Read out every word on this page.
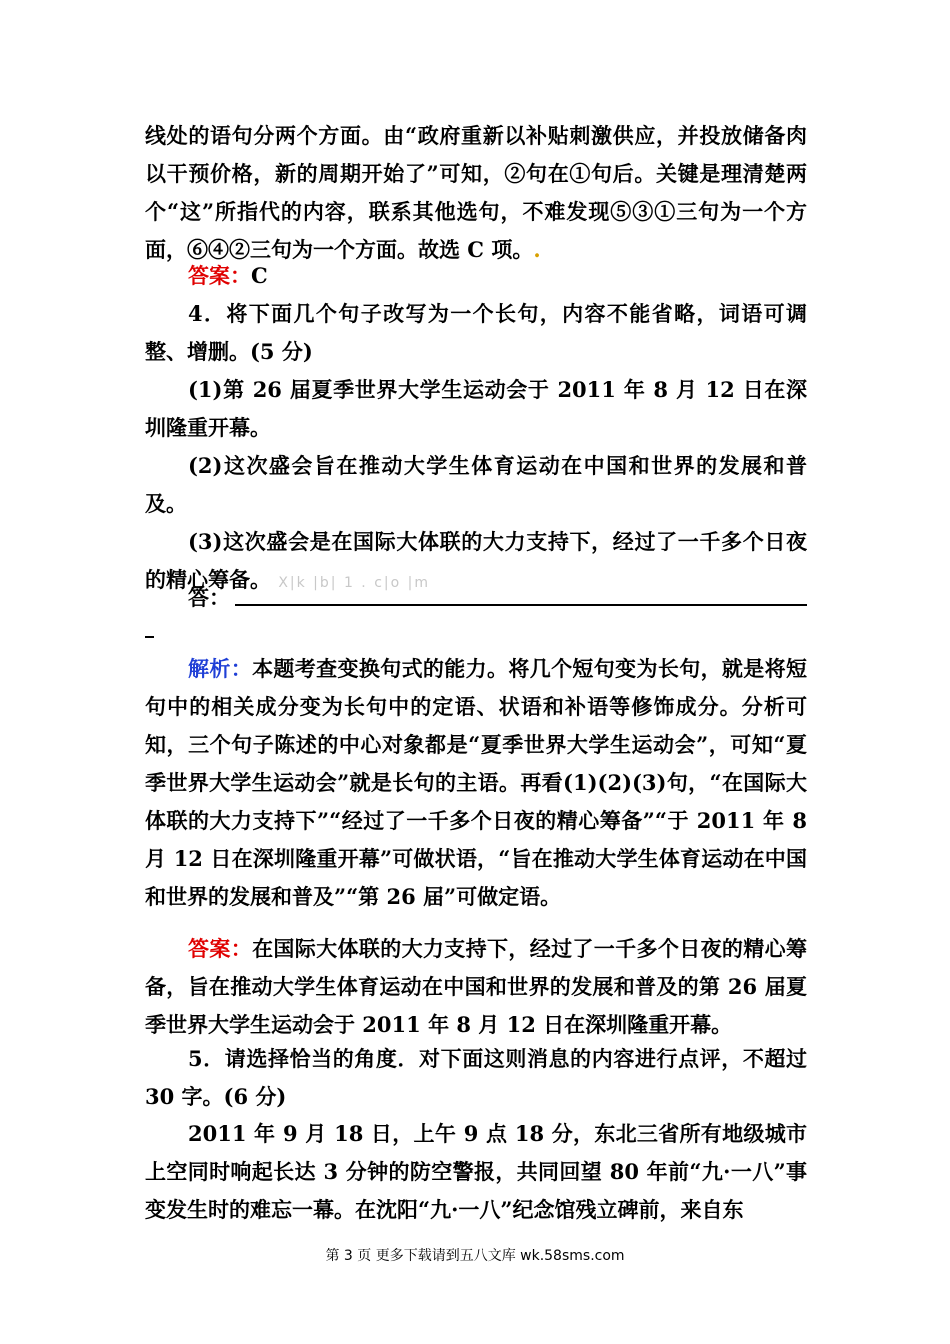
线处的语句分两个方面。由“政府重新以补贴刺激供应，并投放储备肉以干预价格，新的周期开始了”可知，②句在①句后。关键是理清楚两个“这”所指代的内容，联系其他选句，不难发现⑤③①三句为一个方面，⑥④②三句为一个方面。故选 C 项。.
答案：C
4．将下面几个句子改写为一个长句，内容不能省略，词语可调整、增删。(5 分)
(1)第 26 届夏季世界大学生运动会于 2011 年 8 月 12 日在深圳隆重开幕。
(2)这次盛会旨在推动大学生体育运动在中国和世界的发展和普及。
(3)这次盛会是在国际大体联的大力支持下，经过了一千多个日夜的精心筹备。 X|k |b| 1 . c|o |m
答：
解析：本题考查变换句式的能力。将几个短句变为长句，就是将短句中的相关成分变为长句中的定语、状语和补语等修饰成分。分析可知，三个句子陈述的中心对象都是“夏季世界大学生运动会”，可知“夏季世界大学生运动会”就是长句的主语。再看(1)(2)(3)句，“在国际大体联的大力支持下”“经过了一千多个日夜的精心筹备”“于 2011 年 8 月 12 日在深圳隆重开幕”可做状语，“旨在推动大学生体育运动在中国和世界的发展和普及”“第 26 届”可做定语。
答案：在国际大体联的大力支持下，经过了一千多个日夜的精心筹备，旨在推动大学生体育运动在中国和世界的发展和普及的第 26 届夏季世界大学生运动会于 2011 年 8 月 12 日在深圳隆重开幕。
5．请选择恰当的角度．对下面这则消息的内容进行点评，不超过 30 字。(6 分)
2011 年 9 月 18 日，上午 9 点 18 分，东北三省所有地级城市上空同时响起长达 3 分钟的防空警报，共同回望 80 年前“九·一八”事变发生时的难忘一幕。在沈阳“九·一八”纪念馆残立碑前，来自东
第 3 页 更多下载请到五八文库 wk.58sms.com
